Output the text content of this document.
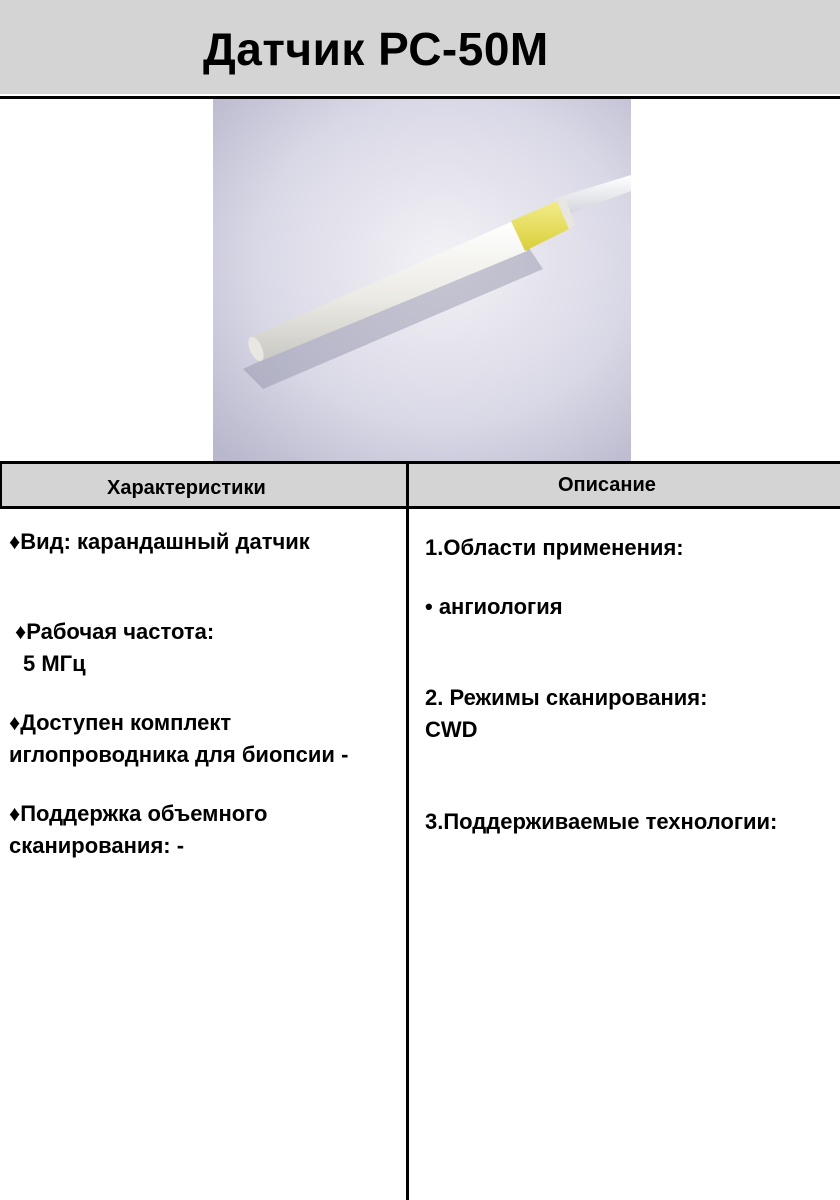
Датчик РС-50М
Характеристики	Описание
♦Вид: карандашный датчик
♦Рабочая частота:
5 МГц
♦Доступен комплект
иглопроводника для биопсии -
♦Поддержка объемного
сканирования: -
1.Области применения:
• ангиология
2. Режимы сканирования:
CWD
3.Поддерживаемые технологии:
